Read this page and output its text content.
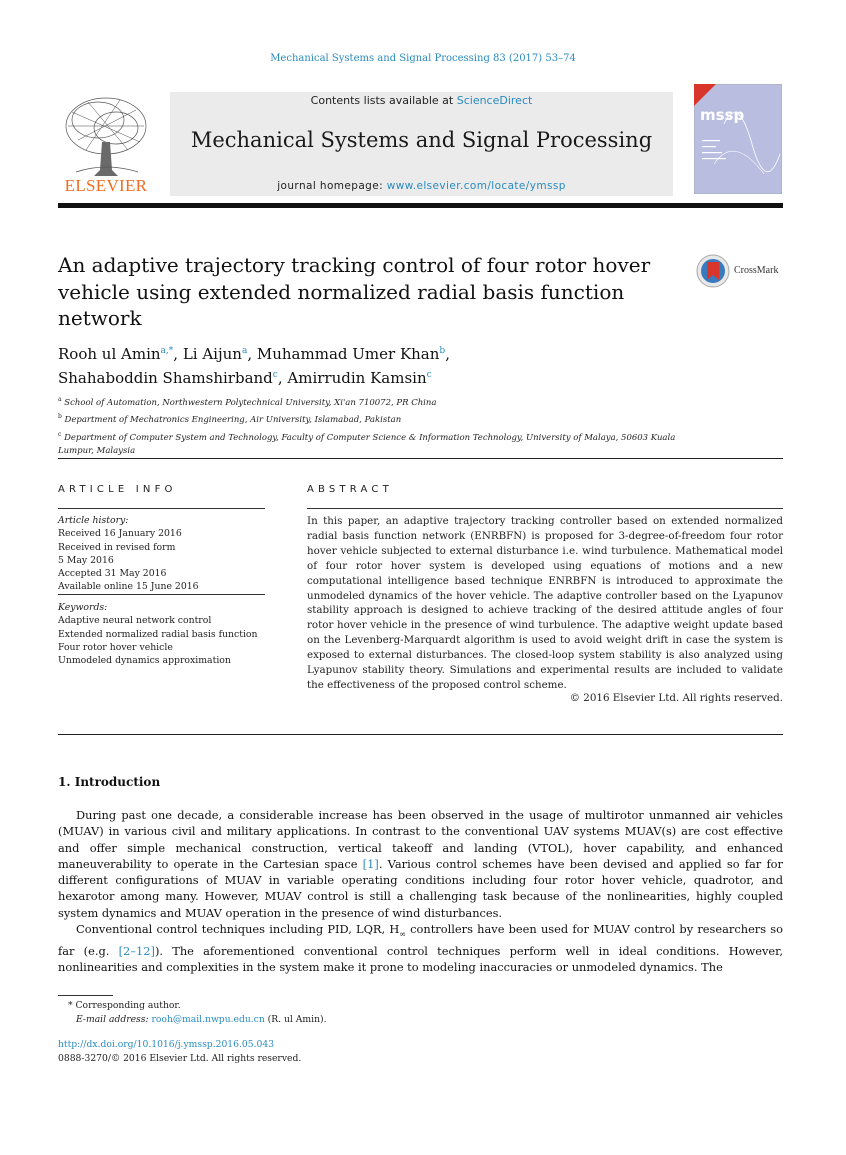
Mechanical Systems and Signal Processing 83 (2017) 53–74
ELSEVIER
Contents lists available at ScienceDirect
Mechanical Systems and Signal Processing
journal homepage: www.elsevier.com/locate/ymssp
mssp
An adaptive trajectory tracking control of four rotor hover vehicle using extended normalized radial basis function network
CrossMark
Rooh ul Amin$^{a,*}$, Li Aijun$^a$, Muhammad Umer Khan$^b$,
Shahaboddin Shamshirband$^c$, Amirrudin Kamsin$^c$
$^a$ School of Automation, Northwestern Polytechnical University, Xi'an 710072, PR China
$^b$ Department of Mechatronics Engineering, Air University, Islamabad, Pakistan
$^c$ Department of Computer System and Technology, Faculty of Computer Science & Information Technology, University of Malaya, 50603 Kuala Lumpur, Malaysia
ARTICLE INFO
Article history:
Received 16 January 2016
Received in revised form
5 May 2016
Accepted 31 May 2016
Available online 15 June 2016
Keywords:
Adaptive neural network control
Extended normalized radial basis function
Four rotor hover vehicle
Unmodeled dynamics approximation
ABSTRACT
In this paper, an adaptive trajectory tracking controller based on extended normalized radial basis function network (ENRBFN) is proposed for 3-degree-of-freedom four rotor hover vehicle subjected to external disturbance i.e. wind turbulence. Mathematical model of four rotor hover system is developed using equations of motions and a new computational intelligence based technique ENRBFN is introduced to approximate the unmodeled dynamics of the hover vehicle. The adaptive controller based on the Lyapunov stability approach is designed to achieve tracking of the desired attitude angles of four rotor hover vehicle in the presence of wind turbulence. The adaptive weight update based on the Levenberg-Marquardt algorithm is used to avoid weight drift in case the system is exposed to external disturbances. The closed-loop system stability is also analyzed using Lyapunov stability theory. Simulations and experimental results are included to validate the effectiveness of the proposed control scheme.
© 2016 Elsevier Ltd. All rights reserved.
1. Introduction

During past one decade, a considerable increase has been observed in the usage of multirotor unmanned air vehicles (MUAV) in various civil and military applications. In contrast to the conventional UAV systems MUAV(s) are cost effective and offer simple mechanical construction, vertical takeoff and landing (VTOL), hover capability, and enhanced maneuverability to operate in the Cartesian space [1]. Various control schemes have been devised and applied so far for different configurations of MUAV in variable operating conditions including four rotor hover vehicle, quadrotor, and hexarotor among many. However, MUAV control is still a challenging task because of the nonlinearities, highly coupled system dynamics and MUAV operation in the presence of wind disturbances.

Conventional control techniques including PID, LQR, $H_\infty$ controllers have been used for MUAV control by researchers so far (e.g. [2–12]). The aforementioned conventional control techniques perform well in ideal conditions. However, nonlinearities and complexities in the system make it prone to modeling inaccuracies or unmodeled dynamics. The

* Corresponding author.
E-mail address: rooh@mail.nwpu.edu.cn (R. ul Amin).
http://dx.doi.org/10.1016/j.ymssp.2016.05.043
0888-3270/© 2016 Elsevier Ltd. All rights reserved.
